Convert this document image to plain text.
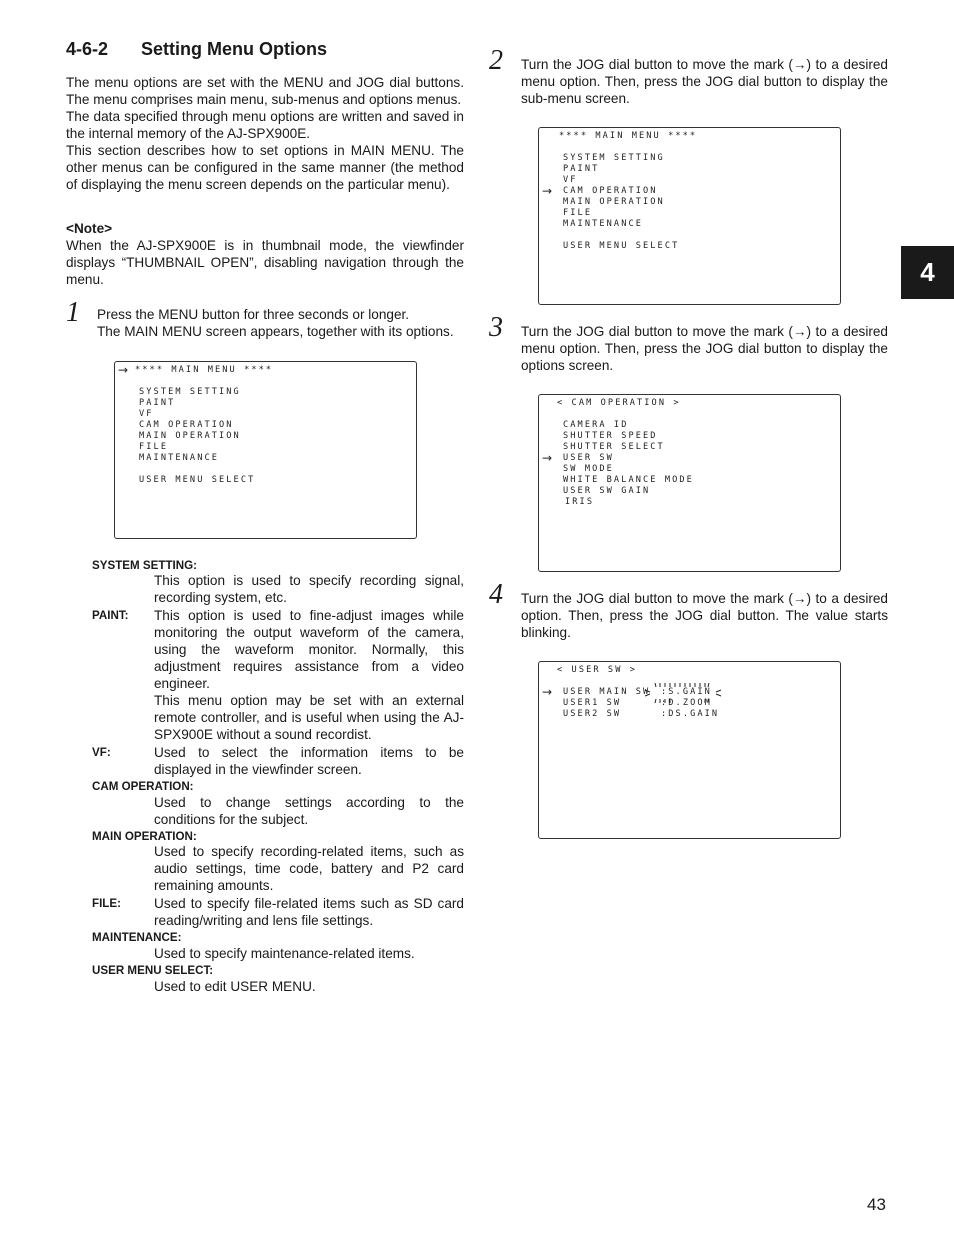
4-6-2 Setting Menu Options

The menu options are set with the MENU and JOG dial buttons. The menu comprises main menu, sub-menus and options menus.

The data specified through menu options are written and saved in the internal memory of the AJ-SPX900E.

This section describes how to set options in MAIN MENU. The other menus can be configured in the same manner (the method of displaying the menu screen depends on the particular menu).

<Note>

When the AJ-SPX900E is in thumbnail mode, the viewfinder displays “THUMBNAIL OPEN”, disabling navigation through the menu.

1 Press the MENU button for three seconds or longer.

The MAIN MENU screen appears, together with its options.

→ **** MAIN MENU ****
SYSTEM SETTING
PAINT
VF
CAM OPERATION
MAIN OPERATION
FILE
MAINTENANCE
USER MENU SELECT
SYSTEM SETTING:

This option is used to specify recording signal, recording system, etc.

PAINT: This option is used to fine-adjust images while monitoring the output waveform of the camera, using the waveform monitor. Normally, this adjustment requires assistance from a video engineer.

This menu option may be set with an external remote controller, and is useful when using the AJ-SPX900E without a sound recordist.

VF:	Used to select the information items to be displayed in the viewfinder screen.

CAM OPERATION:

Used to change settings according to the conditions for the subject.

MAIN OPERATION:

Used to specify recording-related items, such as audio settings, time code, battery and P2 card remaining amounts.

FILE: Used to specify file-related items such as SD card reading/writing and lens file settings.

MAINTENANCE:

Used to specify maintenance-related items.

USER MENU SELECT:

Used to edit USER MENU.

2 Turn the JOG dial button to move the mark (→) to a desired menu option. Then, press the JOG dial button to display the sub-menu screen.

**** MAIN MENU ****
SYSTEM SETTING
PAINT
VF
→ CAM OPERATION
MAIN OPERATION
FILE
MAINTENANCE
USER MENU SELECT
3 Turn the JOG dial button to move the mark (→) to a desired menu option. Then, press the JOG dial button to display the options screen.

< CAM OPERATION >
CAMERA ID
SHUTTER SPEED
SHUTTER SELECT
→ USER SW
SW MODE
WHITE BALANCE MODE
USER SW GAIN
IRIS
4 Turn the JOG dial button to move the mark (→) to a desired option. Then, press the JOG dial button. The value starts blinking.

< USER SW >
→ USER MAIN SW :S.GAIN
USER1 SW	:D.ZOOM
USER2 SW	:DS.GAIN
4
43
